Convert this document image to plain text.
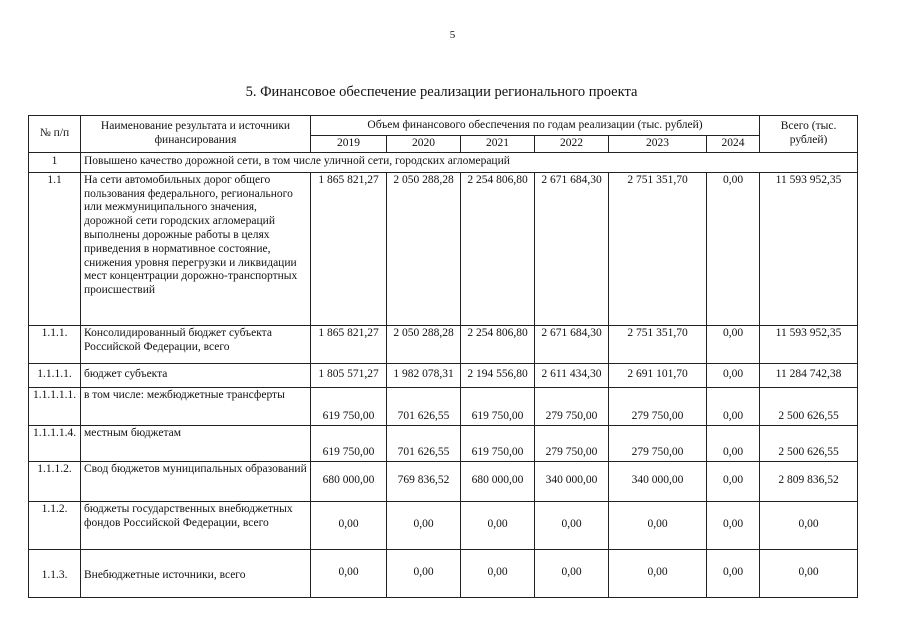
5
5. Финансовое обеспечение реализации регионального проекта
№ п/п	Наименование результата и источники финансирования	Объем финансового обеспечения по годам реализации (тыс. рублей)						Всего (тыс. рублей)
		2019	2020	2021	2022	2023	2024	
1	Повышено качество дорожной сети, в том числе уличной сети, городских агломераций							
1.1	На сети автомобильных дорог общего пользования федерального, регионального или межмуниципального значения, дорожной сети городских агломераций выполнены дорожные работы в целях приведения в нормативное состояние, снижения уровня перегрузки и ликвидации мест концентрации дорожно-транспортных происшествий	1 865 821,27	2 050 288,28	2 254 806,80	2 671 684,30	2 751 351,70	0,00	11 593 952,35
1.1.1.	Консолидированный бюджет субъекта Российской Федерации, всего	1 865 821,27	2 050 288,28	2 254 806,80	2 671 684,30	2 751 351,70	0,00	11 593 952,35
1.1.1.1.	бюджет субъекта	1 805 571,27	1 982 078,31	2 194 556,80	2 611 434,30	2 691 101,70	0,00	11 284 742,38
1.1.1.1.1.	в том числе: межбюджетные трансферты	619 750,00	701 626,55	619 750,00	279 750,00	279 750,00	0,00	2 500 626,55
1.1.1.1.4.	местным бюджетам	619 750,00	701 626,55	619 750,00	279 750,00	279 750,00	0,00	2 500 626,55
1.1.1.2.	Свод бюджетов муниципальных образований	680 000,00	769 836,52	680 000,00	340 000,00	340 000,00	0,00	2 809 836,52
1.1.2.	бюджеты государственных внебюджетных фондов Российской Федерации, всего	0,00	0,00	0,00	0,00	0,00	0,00	0,00
1.1.3.	Внебюджетные источники, всего	0,00	0,00	0,00	0,00	0,00	0,00	0,00
